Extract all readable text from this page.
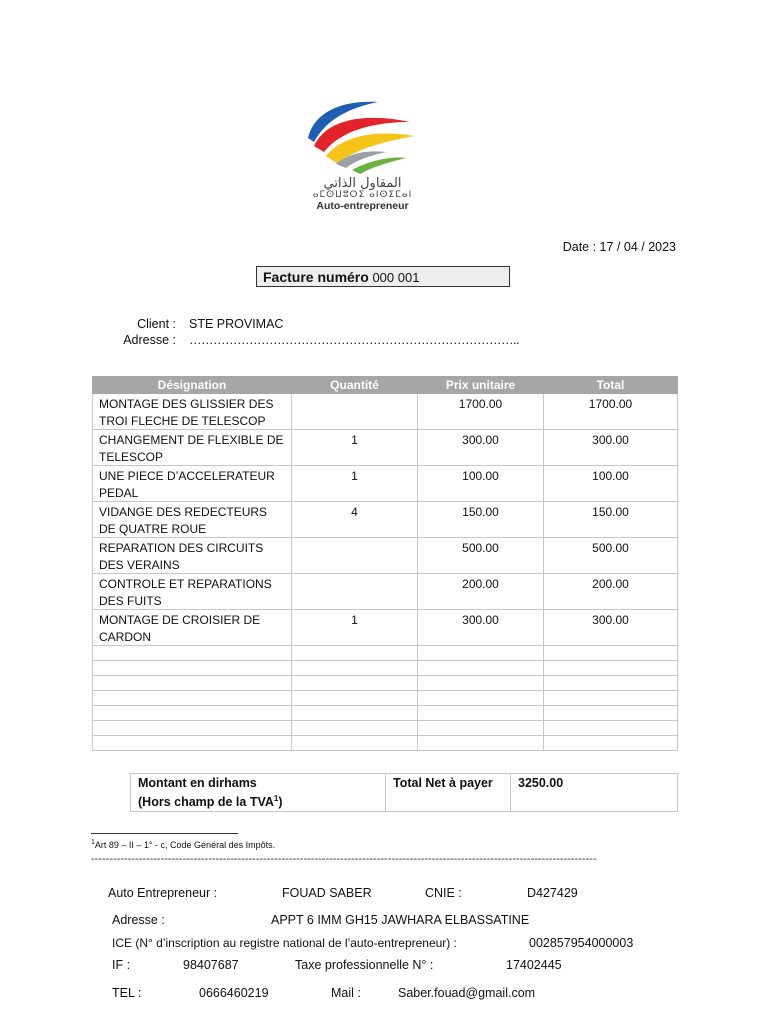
المقاول الذاتي
ⴰⵎⵙⵡⵓⵔⵉ ⴰⵏⵙⵉⵎⴰⵏ
Auto-entrepreneur
Date : 17 / 04 / 2023
Facture numéro 000 001
Client : STE PROVIMAC
Adresse : ………………………………………………………………………..
Désignation	Quantité	Prix unitaire	Total
MONTAGE DES GLISSIER DES TROI FLECHE DE TELESCOP		1700.00	1700.00
CHANGEMENT DE FLEXIBLE DE TELESCOP	1	300.00	300.00
UNE PIECE D’ACCELERATEUR PEDAL	1	100.00	100.00
VIDANGE DES REDECTEURS DE QUATRE ROUE	4	150.00	150.00
REPARATION DES CIRCUITS DES VERAINS		500.00	500.00
CONTROLE ET REPARATIONS DES FUITS		200.00	200.00
MONTAGE DE CROISIER DE CARDON	1	300.00	300.00

Montant en dirhams
(Hors champ de la TVA$^1$)	Total Net à payer	3250.00
$^1$Art 89 – II – 1° - c, Code Général des Impôts.
------------------------------------------------------------------------------------------------------------------------------------------
Auto Entrepreneur :	FOUAD SABER	CNIE :	D427429
Adresse :	APPT 6 IMM GH15 JAWHARA ELBASSATINE
ICE (N° d’inscription au registre national de l’auto-entrepreneur) :	002857954000003
IF :	98407687	Taxe professionnelle N° :	17402445
TEL :	0666460219	Mail :	Saber.fouad@gmail.com
